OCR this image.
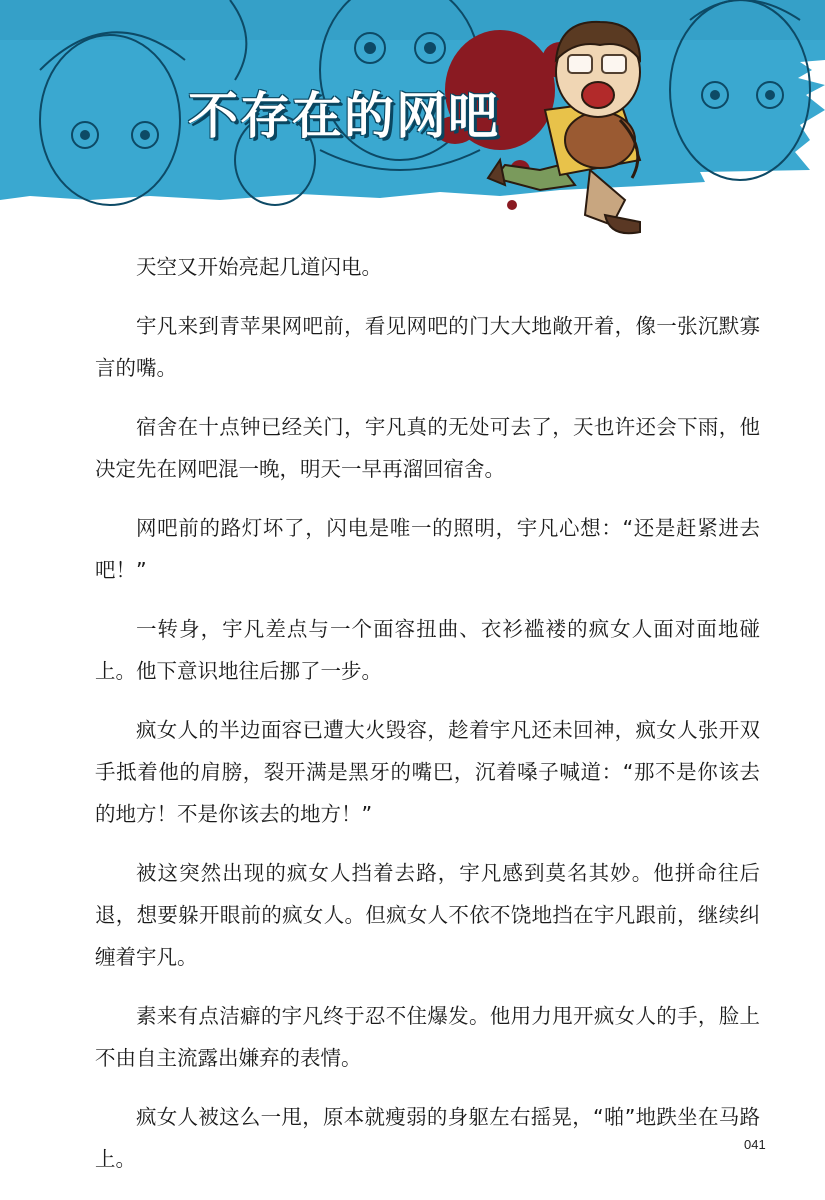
不存在的网吧

天空又开始亮起几道闪电。

宇凡来到青苹果网吧前，看见网吧的门大大地敞开着，像一张沉默寡言的嘴。

宿舍在十点钟已经关门，宇凡真的无处可去了，天也许还会下雨，他决定先在网吧混一晚，明天一早再溜回宿舍。

网吧前的路灯坏了，闪电是唯一的照明，宇凡心想：“还是赶紧进去吧！”

一转身，宇凡差点与一个面容扭曲、衣衫褴褛的疯女人面对面地碰上。他下意识地往后挪了一步。

疯女人的半边面容已遭大火毁容，趁着宇凡还未回神，疯女人张开双手抵着他的肩膀，裂开满是黑牙的嘴巴，沉着嗓子喊道：“那不是你该去的地方！不是你该去的地方！”

被这突然出现的疯女人挡着去路，宇凡感到莫名其妙。他拼命往后退，想要躲开眼前的疯女人。但疯女人不依不饶地挡在宇凡跟前，继续纠缠着宇凡。

素来有点洁癖的宇凡终于忍不住爆发。他用力甩开疯女人的手，脸上不由自主流露出嫌弃的表情。

疯女人被这么一甩，原本就瘦弱的身躯左右摇晃，“啪”地跌坐在马路上。

041
